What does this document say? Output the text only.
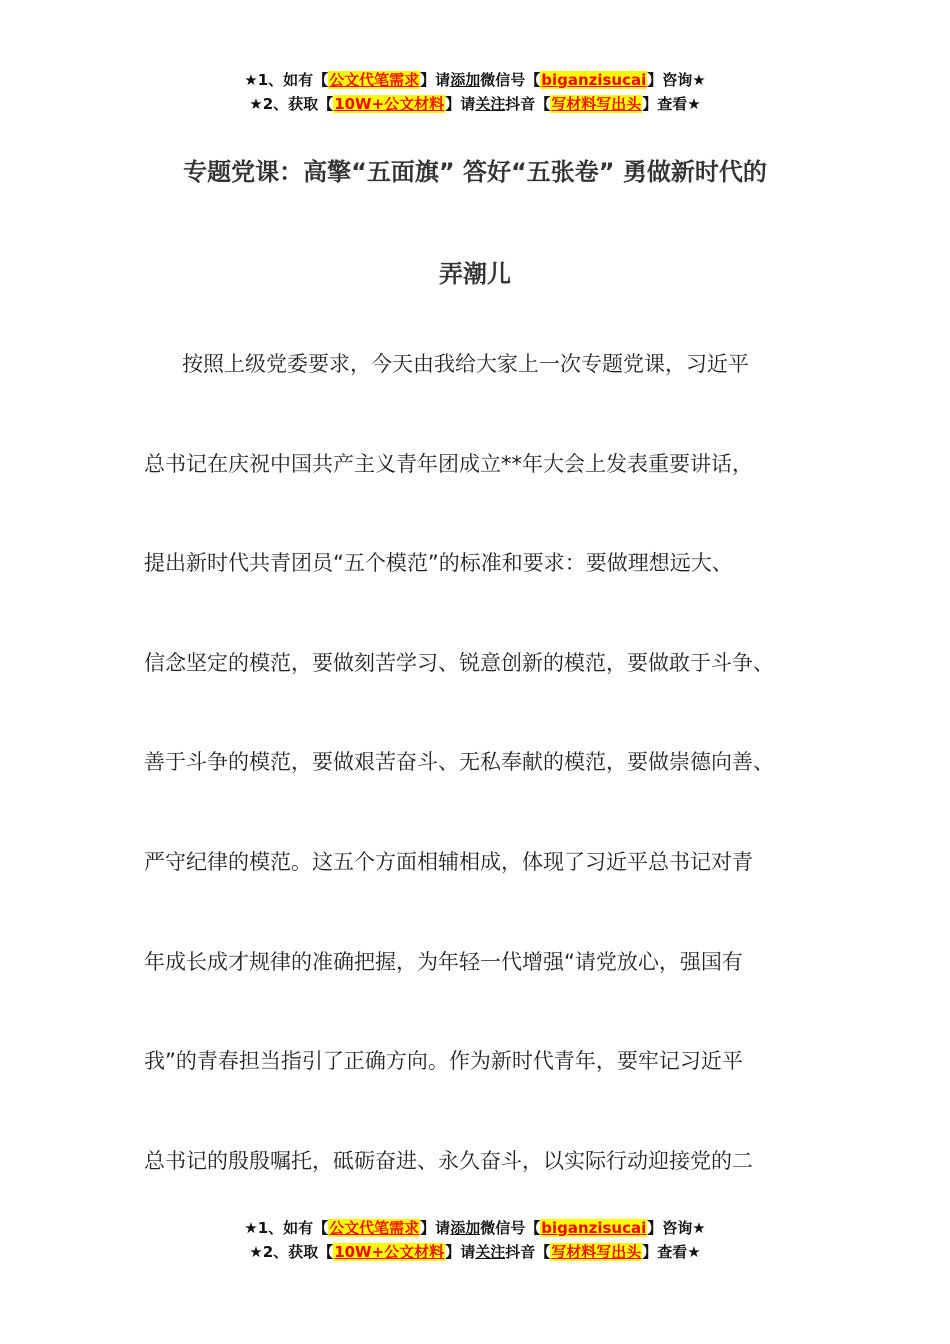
★1、如有【公文代笔需求】请添加微信号【biganzisucai】咨询★
★2、获取【10W+公文材料】请关注抖音【写材料写出头】查看★
专题党课：高擎“五面旗” 答好“五张卷” 勇做新时代的
弄潮儿
按照上级党委要求，今天由我给大家上一次专题党课，习近平
总书记在庆祝中国共产主义青年团成立**年大会上发表重要讲话，
提出新时代共青团员“五个模范”的标准和要求：要做理想远大、
信念坚定的模范，要做刻苦学习、锐意创新的模范，要做敢于斗争、
善于斗争的模范，要做艰苦奋斗、无私奉献的模范，要做崇德向善、
严守纪律的模范。这五个方面相辅相成，体现了习近平总书记对青
年成长成才规律的准确把握，为年轻一代增强“请党放心，强国有
我”的青春担当指引了正确方向。作为新时代青年，要牢记习近平
总书记的殷殷嘱托，砥砺奋进、永久奋斗，以实际行动迎接党的二
★1、如有【公文代笔需求】请添加微信号【biganzisucai】咨询★
★2、获取【10W+公文材料】请关注抖音【写材料写出头】查看★
